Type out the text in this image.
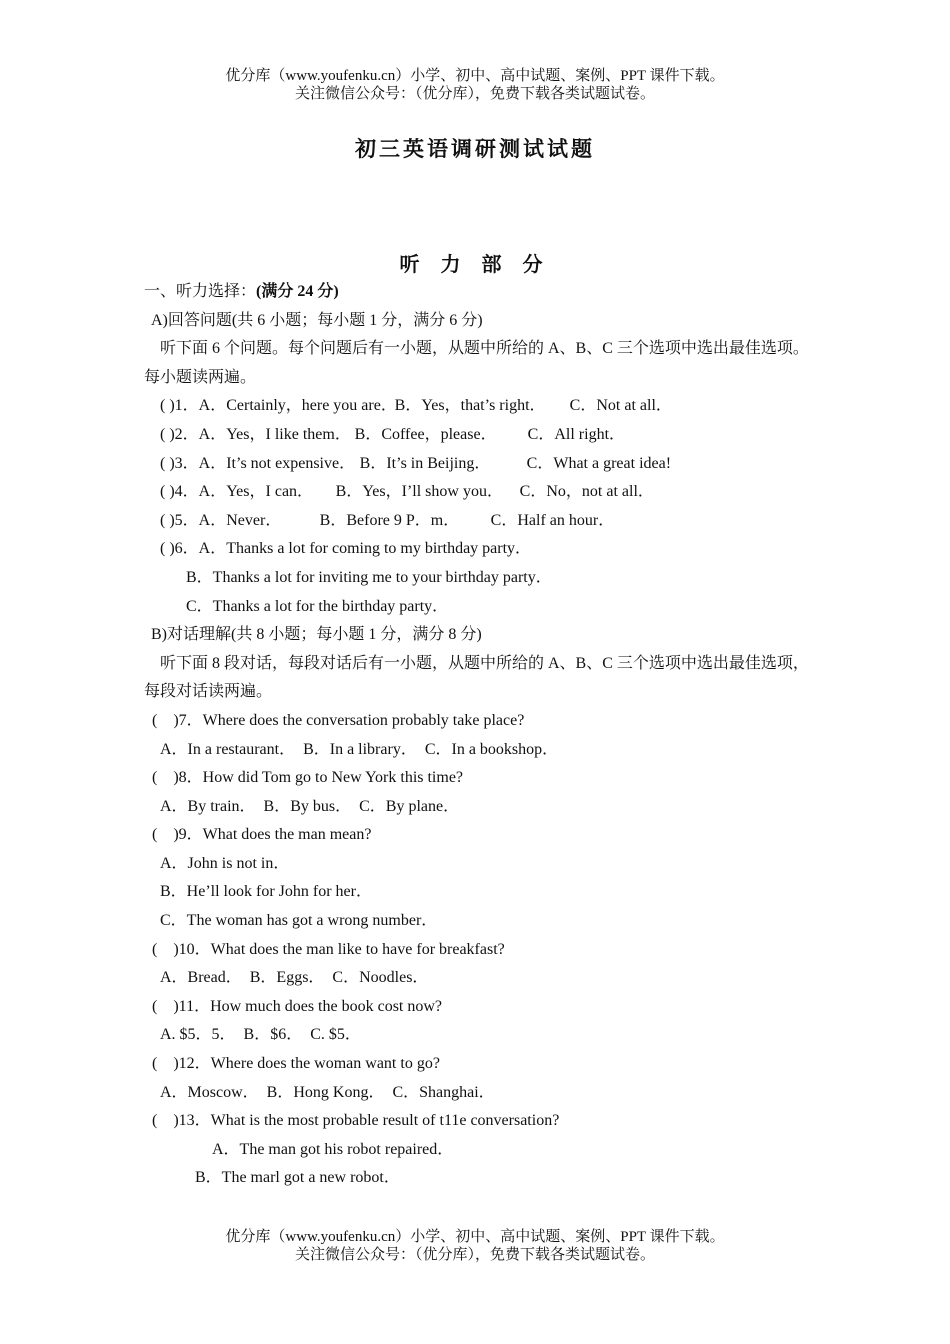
优分库（www.youfenku.cn）小学、初中、高中试题、案例、PPT 课件下载。
关注微信公众号：（优分库），免费下载各类试题试卷。
初三英语调研测试试题
听 力 部 分
一、听力选择：(满分 24 分)
A)回答问题(共 6 小题；每小题 1 分，满分 6 分)
听下面 6 个问题。每个问题后有一小题，从题中所给的 A、B、C 三个选项中选出最佳选项。每小题读两遍。
( )1．A．Certainly，here you are．B．Yes，that’s right． C．Not at all．
( )2．A．Yes，I like them． B．Coffee，please． C．All right．
( )3．A．It’s not expensive． B．It’s in Beijing． C．What a great idea!
( )4．A．Yes，I can． B．Yes，I’ll show you． C．No，not at all．
( )5．A．Never． B．Before 9 P．m． C．Half an hour．
( )6．A．Thanks a lot for coming to my birthday party．
B．Thanks a lot for inviting me to your birthday party．
C．Thanks a lot for the birthday party．
B)对话理解(共 8 小题；每小题 1 分，满分 8 分)
听下面 8 段对话，每段对话后有一小题，从题中所给的 A、B、C 三个选项中选出最佳选项，每段对话读两遍。
(　)7．Where does the conversation probably take place?
A．In a restaurant．　B．In a library．　C．In a bookshop．
(　)8．How did Tom go to New York this time?
A．By train．　B．By bus．　C．By plane．
(　)9．What does the man mean?
A．John is not in．
B．He’ll look for John for her．
C．The woman has got a wrong number．
(　)10．What does the man like to have for breakfast?
A．Bread．　B．Eggs．　C．Noodles．
(　)11．How much does the book cost now?
A. $5．5．　B．$6．　C. $5．
(　)12．Where does the woman want to go?
A．Moscow．　B．Hong Kong．　C．Shanghai．
(　)13．What is the most probable result of t11e conversation?
A．The man got his robot repaired．
B．The marl got a new robot．
优分库（www.youfenku.cn）小学、初中、高中试题、案例、PPT 课件下载。
关注微信公众号：（优分库），免费下载各类试题试卷。
